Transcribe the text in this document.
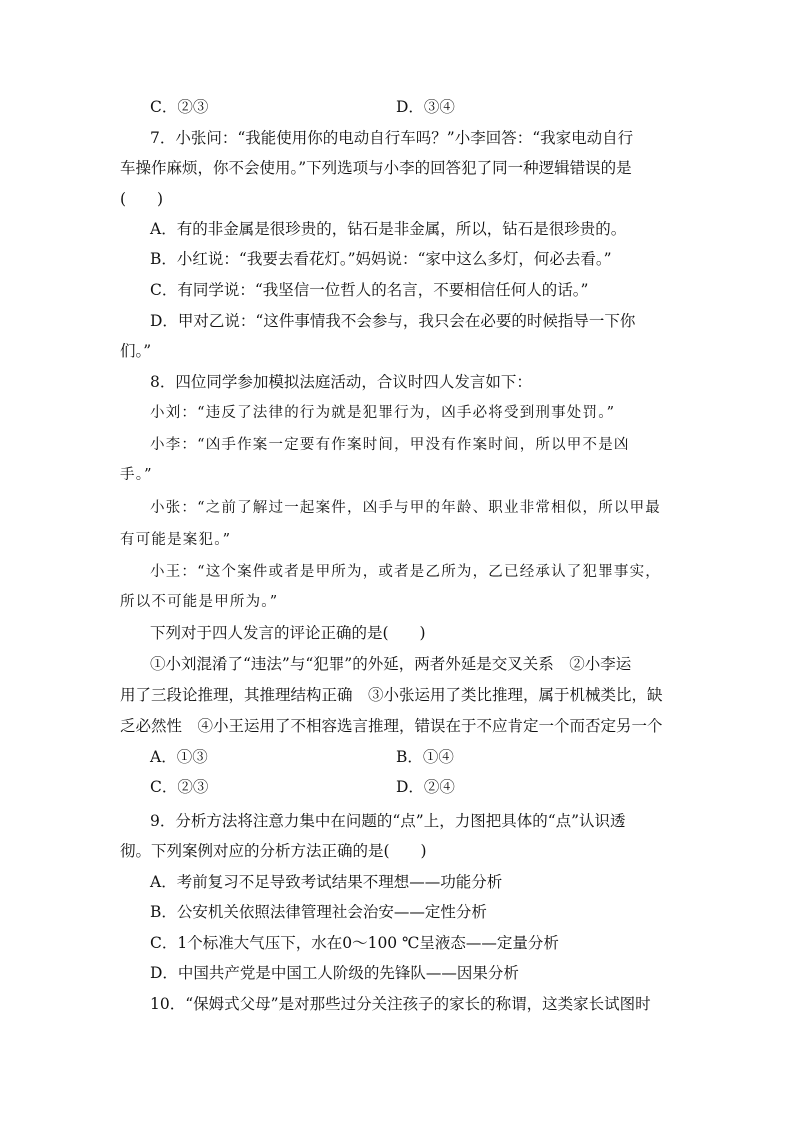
C．②③	D．③④
7．小张问：“我能使用你的电动自行车吗？”小李回答：“我家电动自行
车操作麻烦，你不会使用。”下列选项与小李的回答犯了同一种逻辑错误的是
(　　)
A．有的非金属是很珍贵的，钻石是非金属，所以，钻石是很珍贵的。
B．小红说：“我要去看花灯。”妈妈说：“家中这么多灯，何必去看。”
C．有同学说：“我坚信一位哲人的名言，不要相信任何人的话。”
D．甲对乙说：“这件事情我不会参与，我只会在必要的时候指导一下你
们。”
8．四位同学参加模拟法庭活动，合议时四人发言如下：
小刘：“违反了法律的行为就是犯罪行为，凶手必将受到刑事处罚。”
小李：“凶手作案一定要有作案时间，甲没有作案时间，所以甲不是凶
手。”
小张：“之前了解过一起案件，凶手与甲的年龄、职业非常相似，所以甲最
有可能是案犯。”
小王：“这个案件或者是甲所为，或者是乙所为，乙已经承认了犯罪事实，
所以不可能是甲所为。”
下列对于四人发言的评论正确的是(　　)
①小刘混淆了“违法”与“犯罪”的外延，两者外延是交叉关系　②小李运
用了三段论推理，其推理结构正确　③小张运用了类比推理，属于机械类比，缺
乏必然性　④小王运用了不相容选言推理，错误在于不应肯定一个而否定另一个
A．①③	B．①④
C．②③	D．②④
9．分析方法将注意力集中在问题的“点”上，力图把具体的“点”认识透
彻。下列案例对应的分析方法正确的是(　　)
A．考前复习不足导致考试结果不理想——功能分析
B．公安机关依照法律管理社会治安——定性分析
C．1个标准大气压下，水在0～100 ℃呈液态——定量分析
D．中国共产党是中国工人阶级的先锋队——因果分析
10．“保姆式父母”是对那些过分关注孩子的家长的称谓，这类家长试图时
